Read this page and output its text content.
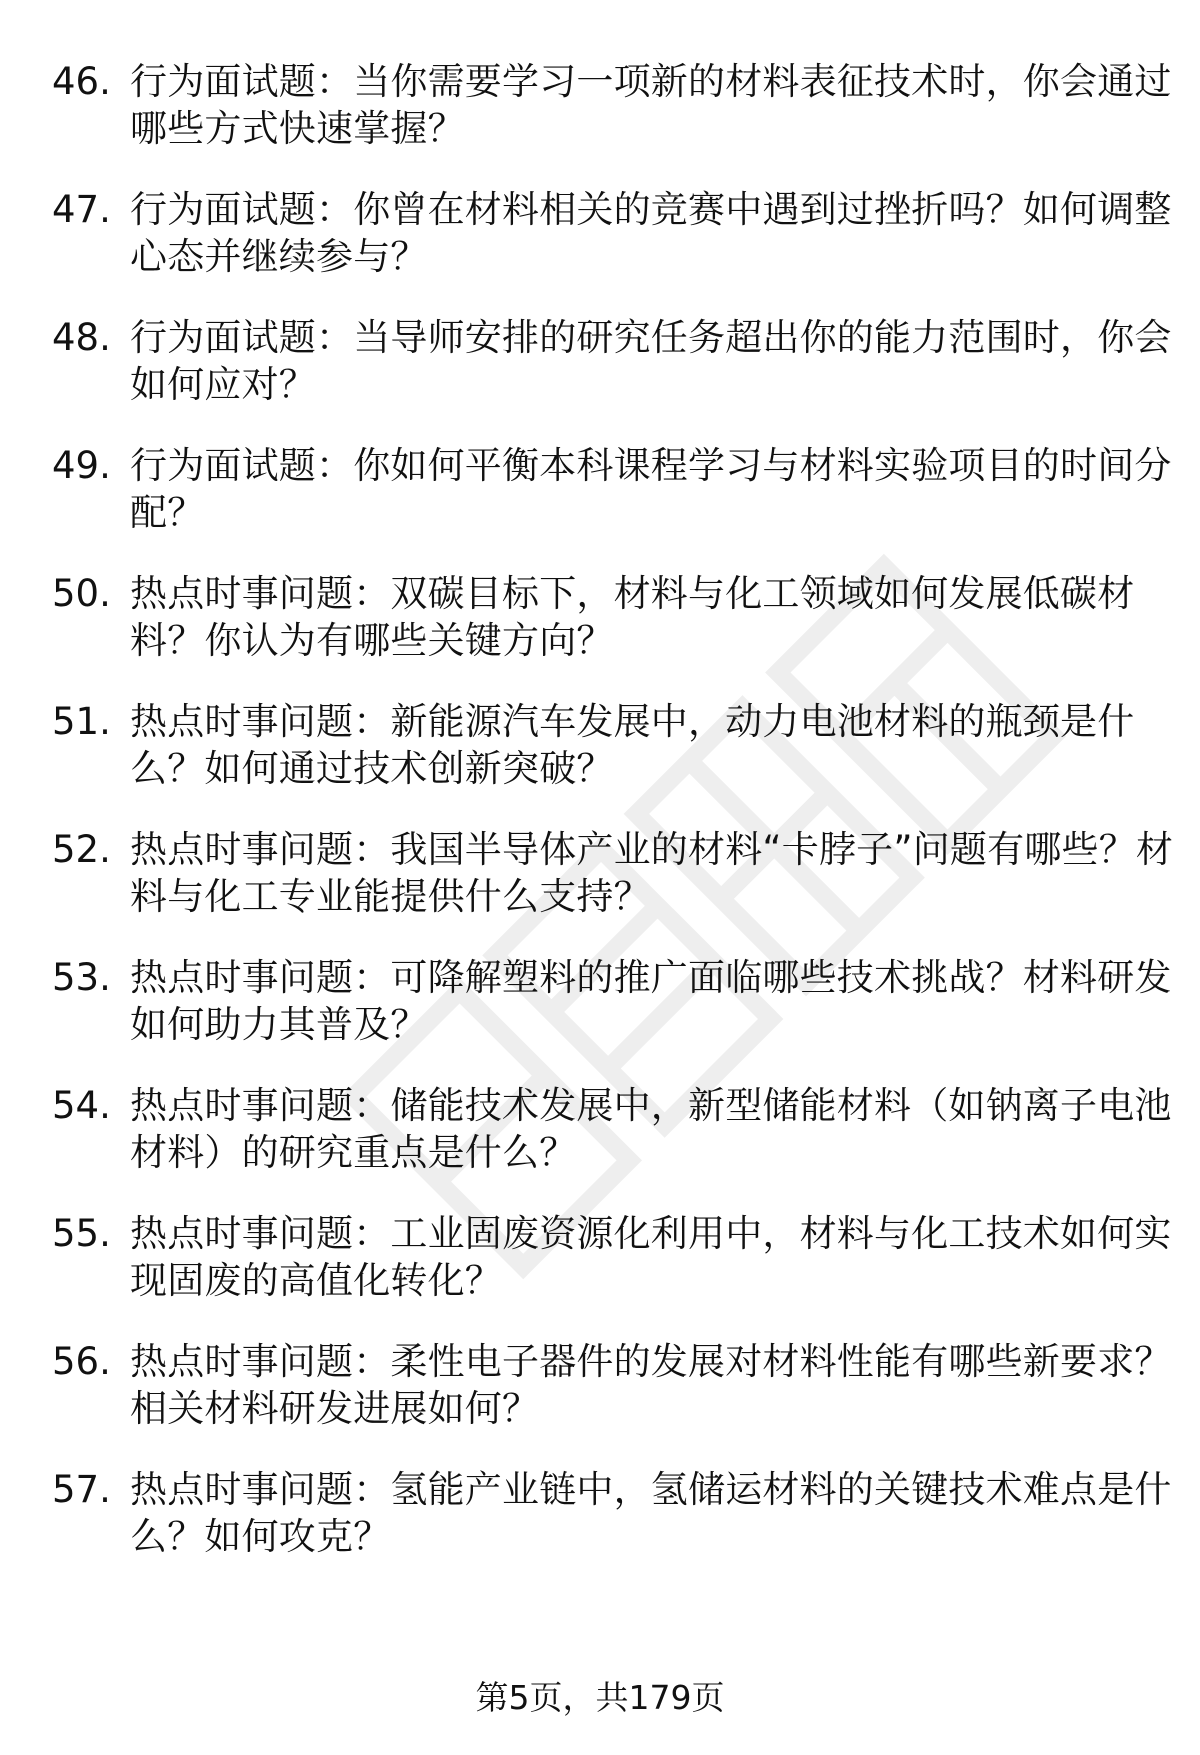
46. 行为面试题：当你需要学习一项新的材料表征技术时，你会通过哪些方式快速掌握？
47. 行为面试题：你曾在材料相关的竞赛中遇到过挫折吗？如何调整心态并继续参与？
48. 行为面试题：当导师安排的研究任务超出你的能力范围时，你会如何应对？
49. 行为面试题：你如何平衡本科课程学习与材料实验项目的时间分配？
50. 热点时事问题：双碳目标下，材料与化工领域如何发展低碳材料？你认为有哪些关键方向？
51. 热点时事问题：新能源汽车发展中，动力电池材料的瓶颈是什么？如何通过技术创新突破？
52. 热点时事问题：我国半导体产业的材料“卡脖子”问题有哪些？材料与化工专业能提供什么支持？
53. 热点时事问题：可降解塑料的推广面临哪些技术挑战？材料研发如何助力其普及？
54. 热点时事问题：储能技术发展中，新型储能材料（如钠离子电池材料）的研究重点是什么？
55. 热点时事问题：工业固废资源化利用中，材料与化工技术如何实现固废的高值化转化？
56. 热点时事问题：柔性电子器件的发展对材料性能有哪些新要求？相关材料研发进展如何？
57. 热点时事问题：氢能产业链中，氢储运材料的关键技术难点是什么？如何攻克？
第5页，共179页
